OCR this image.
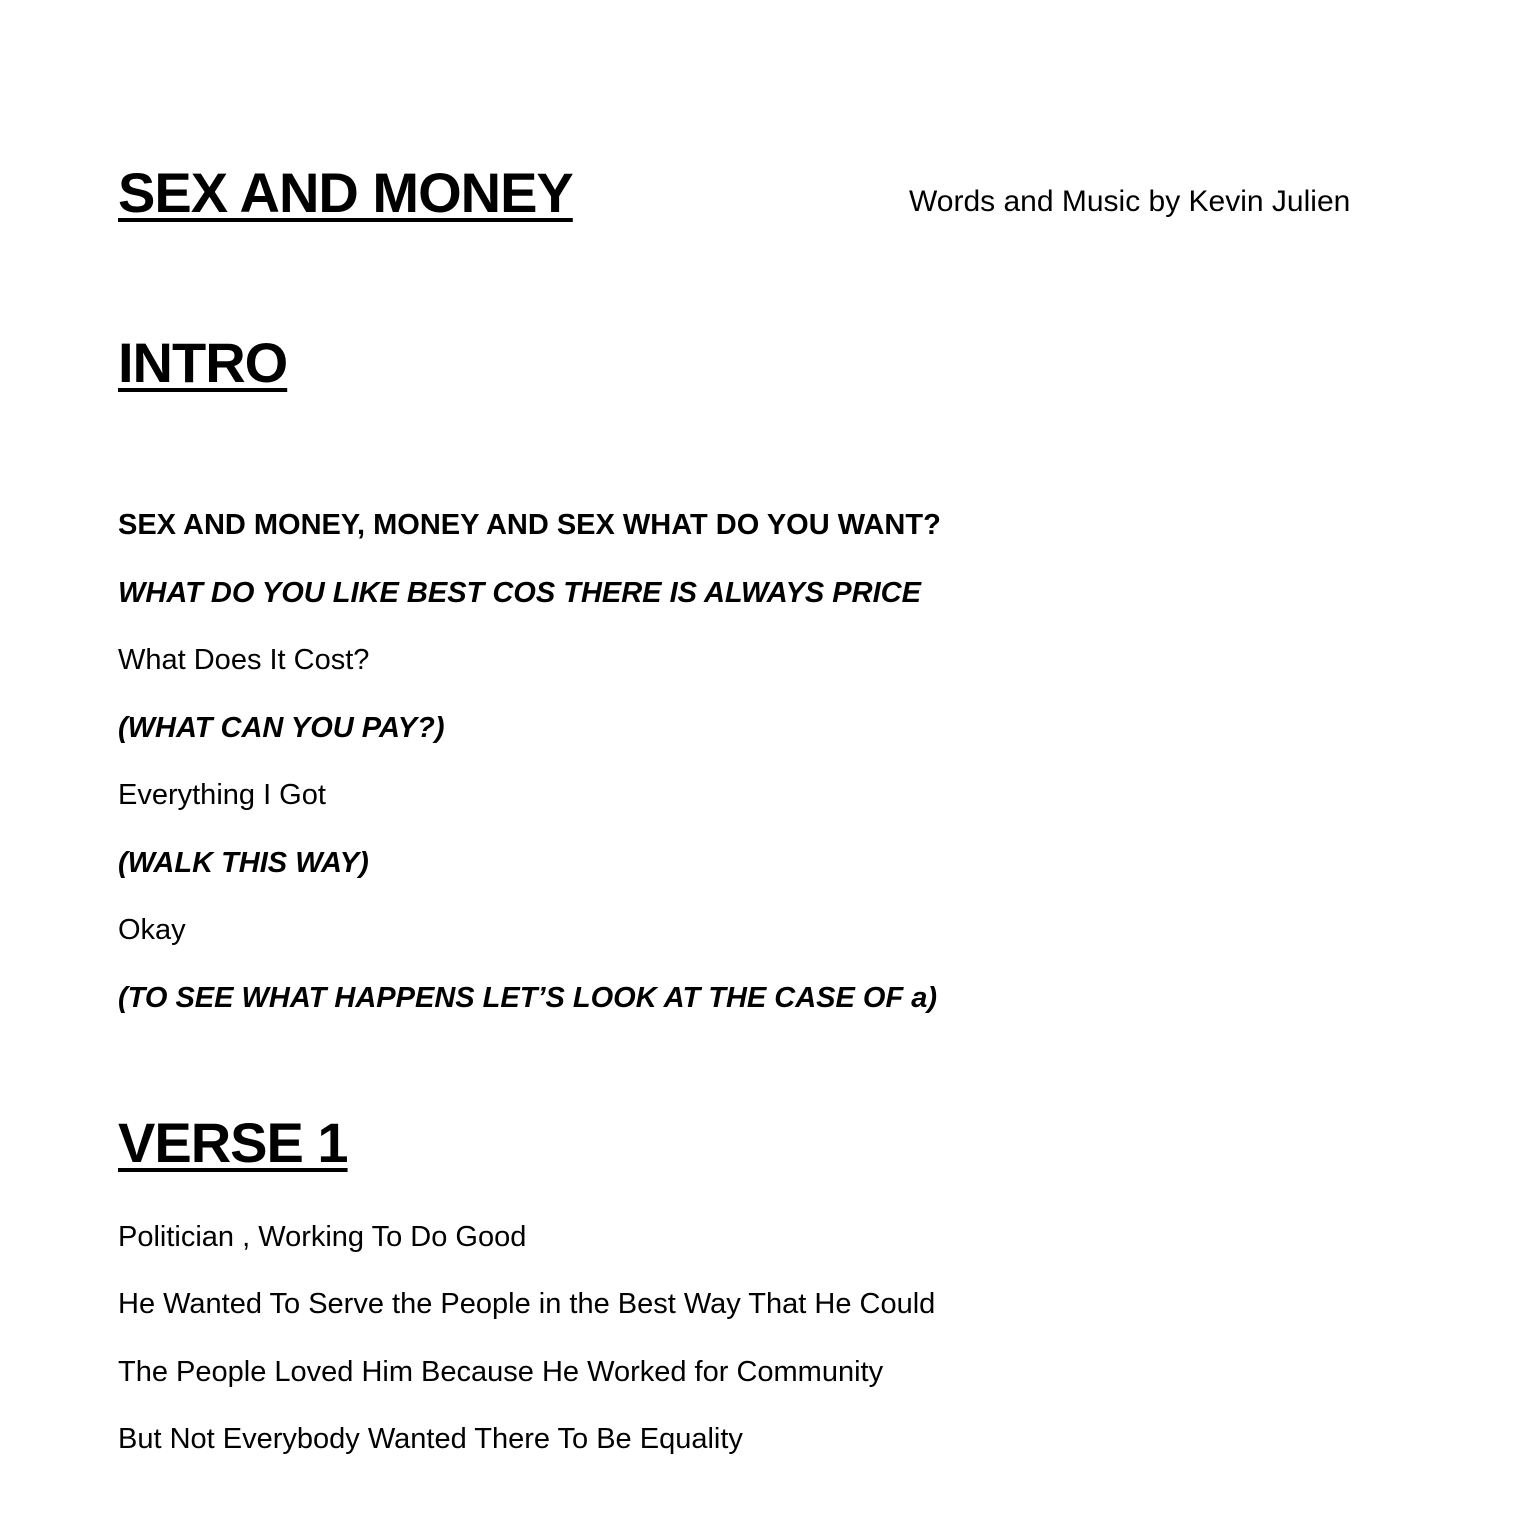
SEX AND MONEY	Words and Music by Kevin Julien
INTRO
SEX AND MONEY, MONEY AND SEX WHAT DO YOU WANT?
WHAT DO YOU LIKE BEST COS THERE IS ALWAYS PRICE
What Does It Cost?
(WHAT CAN YOU PAY?)
Everything I Got
(WALK THIS WAY)
Okay
(TO SEE WHAT HAPPENS LET’S LOOK AT THE CASE OF a)
VERSE 1
Politician , Working To Do Good
He Wanted To Serve the People in the Best Way That He Could
The People Loved Him Because He Worked for Community
But Not Everybody Wanted There To Be Equality
